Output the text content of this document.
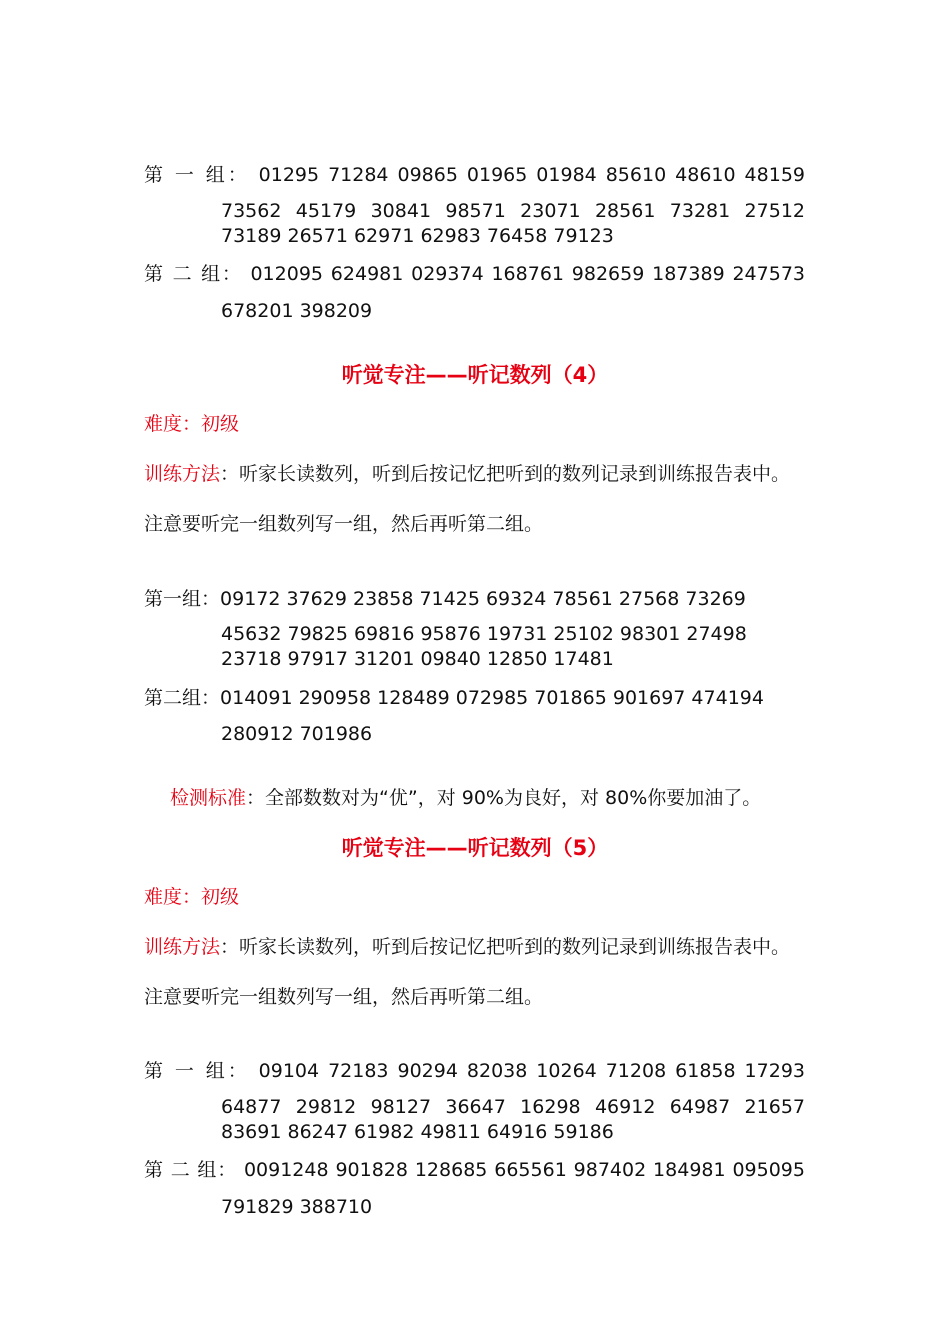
第 一 组： 01295 71284 09865 01965 01984 85610 48610 48159
73562 45179 30841 98571 23071 28561 73281 27512
73189 26571 62971 62983 76458 79123
第 二 组： 012095 624981 029374 168761 982659 187389 247573
678201 398209
听觉专注——听记数列（4）
难度：初级
训练方法：听家长读数列，听到后按记忆把听到的数列记录到训练报告表中。
注意要听完一组数列写一组，然后再听第二组。
第一组：09172 37629 23858 71425 69324 78561 27568 73269
45632 79825 69816 95876 19731 25102 98301 27498
23718 97917 31201 09840 12850 17481
第二组：014091 290958 128489 072985 701865 901697 474194
280912 701986
检测标准：全部数数对为“优”，对 90%为良好，对 80%你要加油了。
听觉专注——听记数列（5）
难度：初级
训练方法：听家长读数列，听到后按记忆把听到的数列记录到训练报告表中。
注意要听完一组数列写一组，然后再听第二组。
第 一 组： 09104 72183 90294 82038 10264 71208 61858 17293
64877 29812 98127 36647 16298 46912 64987 21657
83691 86247 61982 49811 64916 59186
第 二 组： 0091248 901828 128685 665561 987402 184981 095095
791829 388710
